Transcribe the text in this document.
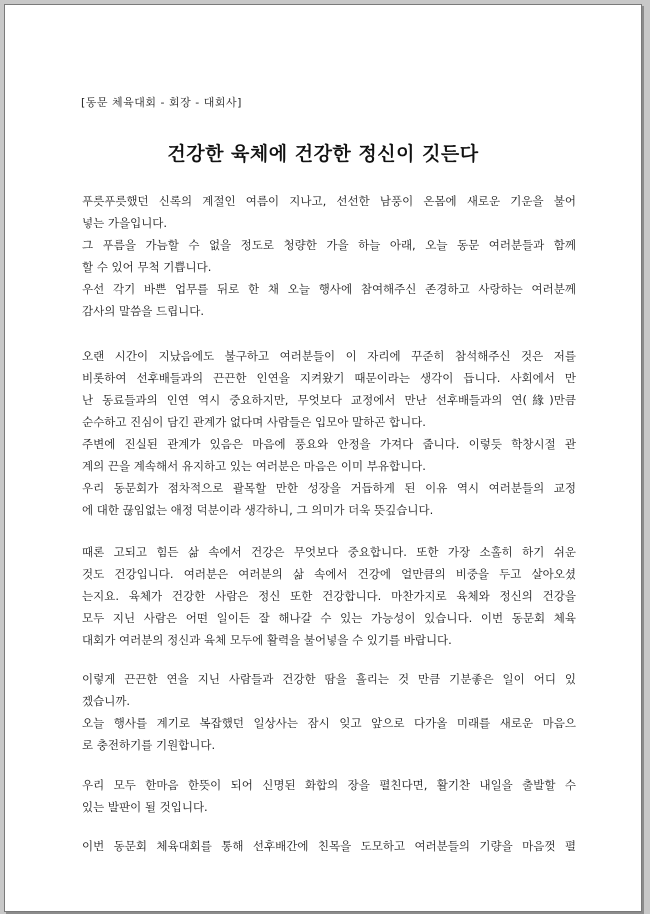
[동문 체육대회 - 회장 - 대회사]
건강한 육체에 건강한 정신이 깃든다
푸릇푸릇했던 신록의 계절인 여름이 지나고, 선선한 남풍이 온몸에 새로운 기운을 불어
넣는 가을입니다.
그 푸름을 가늠할 수 없을 정도로 청량한 가을 하늘 아래, 오늘 동문 여러분들과 함께
할 수 있어 무척 기쁩니다.
우선 각기 바쁜 업무를 뒤로 한 채 오늘 행사에 참여해주신 존경하고 사랑하는 여러분께
감사의 말씀을 드립니다.
오랜 시간이 지났음에도 불구하고 여러분들이 이 자리에 꾸준히 참석해주신 것은 저를
비롯하여 선후배들과의 끈끈한 인연을 지켜왔기 때문이라는 생각이 듭니다. 사회에서 만
난 동료들과의 인연 역시 중요하지만, 무엇보다 교정에서 만난 선후배들과의 연(緣)만큼
순수하고 진심이 담긴 관계가 없다며 사람들은 입모아 말하곤 합니다.
주변에 진실된 관계가 있음은 마음에 풍요와 안정을 가져다 줍니다. 이렇듯 학창시절 관
계의 끈을 계속해서 유지하고 있는 여러분은 마음은 이미 부유합니다.
우리 동문회가 점차적으로 괄목할 만한 성장을 거듭하게 된 이유 역시 여러분들의 교정
에 대한 끊임없는 애정 덕분이라 생각하니, 그 의미가 더욱 뜻깊습니다.
때론 고되고 힘든 삶 속에서 건강은 무엇보다 중요합니다. 또한 가장 소홀히 하기 쉬운
것도 건강입니다. 여러분은 여러분의 삶 속에서 건강에 얼만큼의 비중을 두고 살아오셨
는지요. 육체가 건강한 사람은 정신 또한 건강합니다. 마찬가지로 육체와 정신의 건강을
모두 지닌 사람은 어떤 일이든 잘 해나갈 수 있는 가능성이 있습니다. 이번 동문회 체육
대회가 여러분의 정신과 육체 모두에 활력을 불어넣을 수 있기를 바랍니다.
이렇게 끈끈한 연을 지닌 사람들과 건강한 땀을 흘리는 것 만큼 기분좋은 일이 어디 있
겠습니까.
오늘 행사를 계기로 복잡했던 일상사는 잠시 잊고 앞으로 다가올 미래를 새로운 마음으
로 충전하기를 기원합니다.
우리 모두 한마음 한뜻이 되어 신명된 화합의 장을 펼친다면, 활기찬 내일을 출발할 수
있는 발판이 될 것입니다.
이번 동문회 체육대회를 통해 선후배간에 친목을 도모하고 여러분들의 기량을 마음껏 펼
